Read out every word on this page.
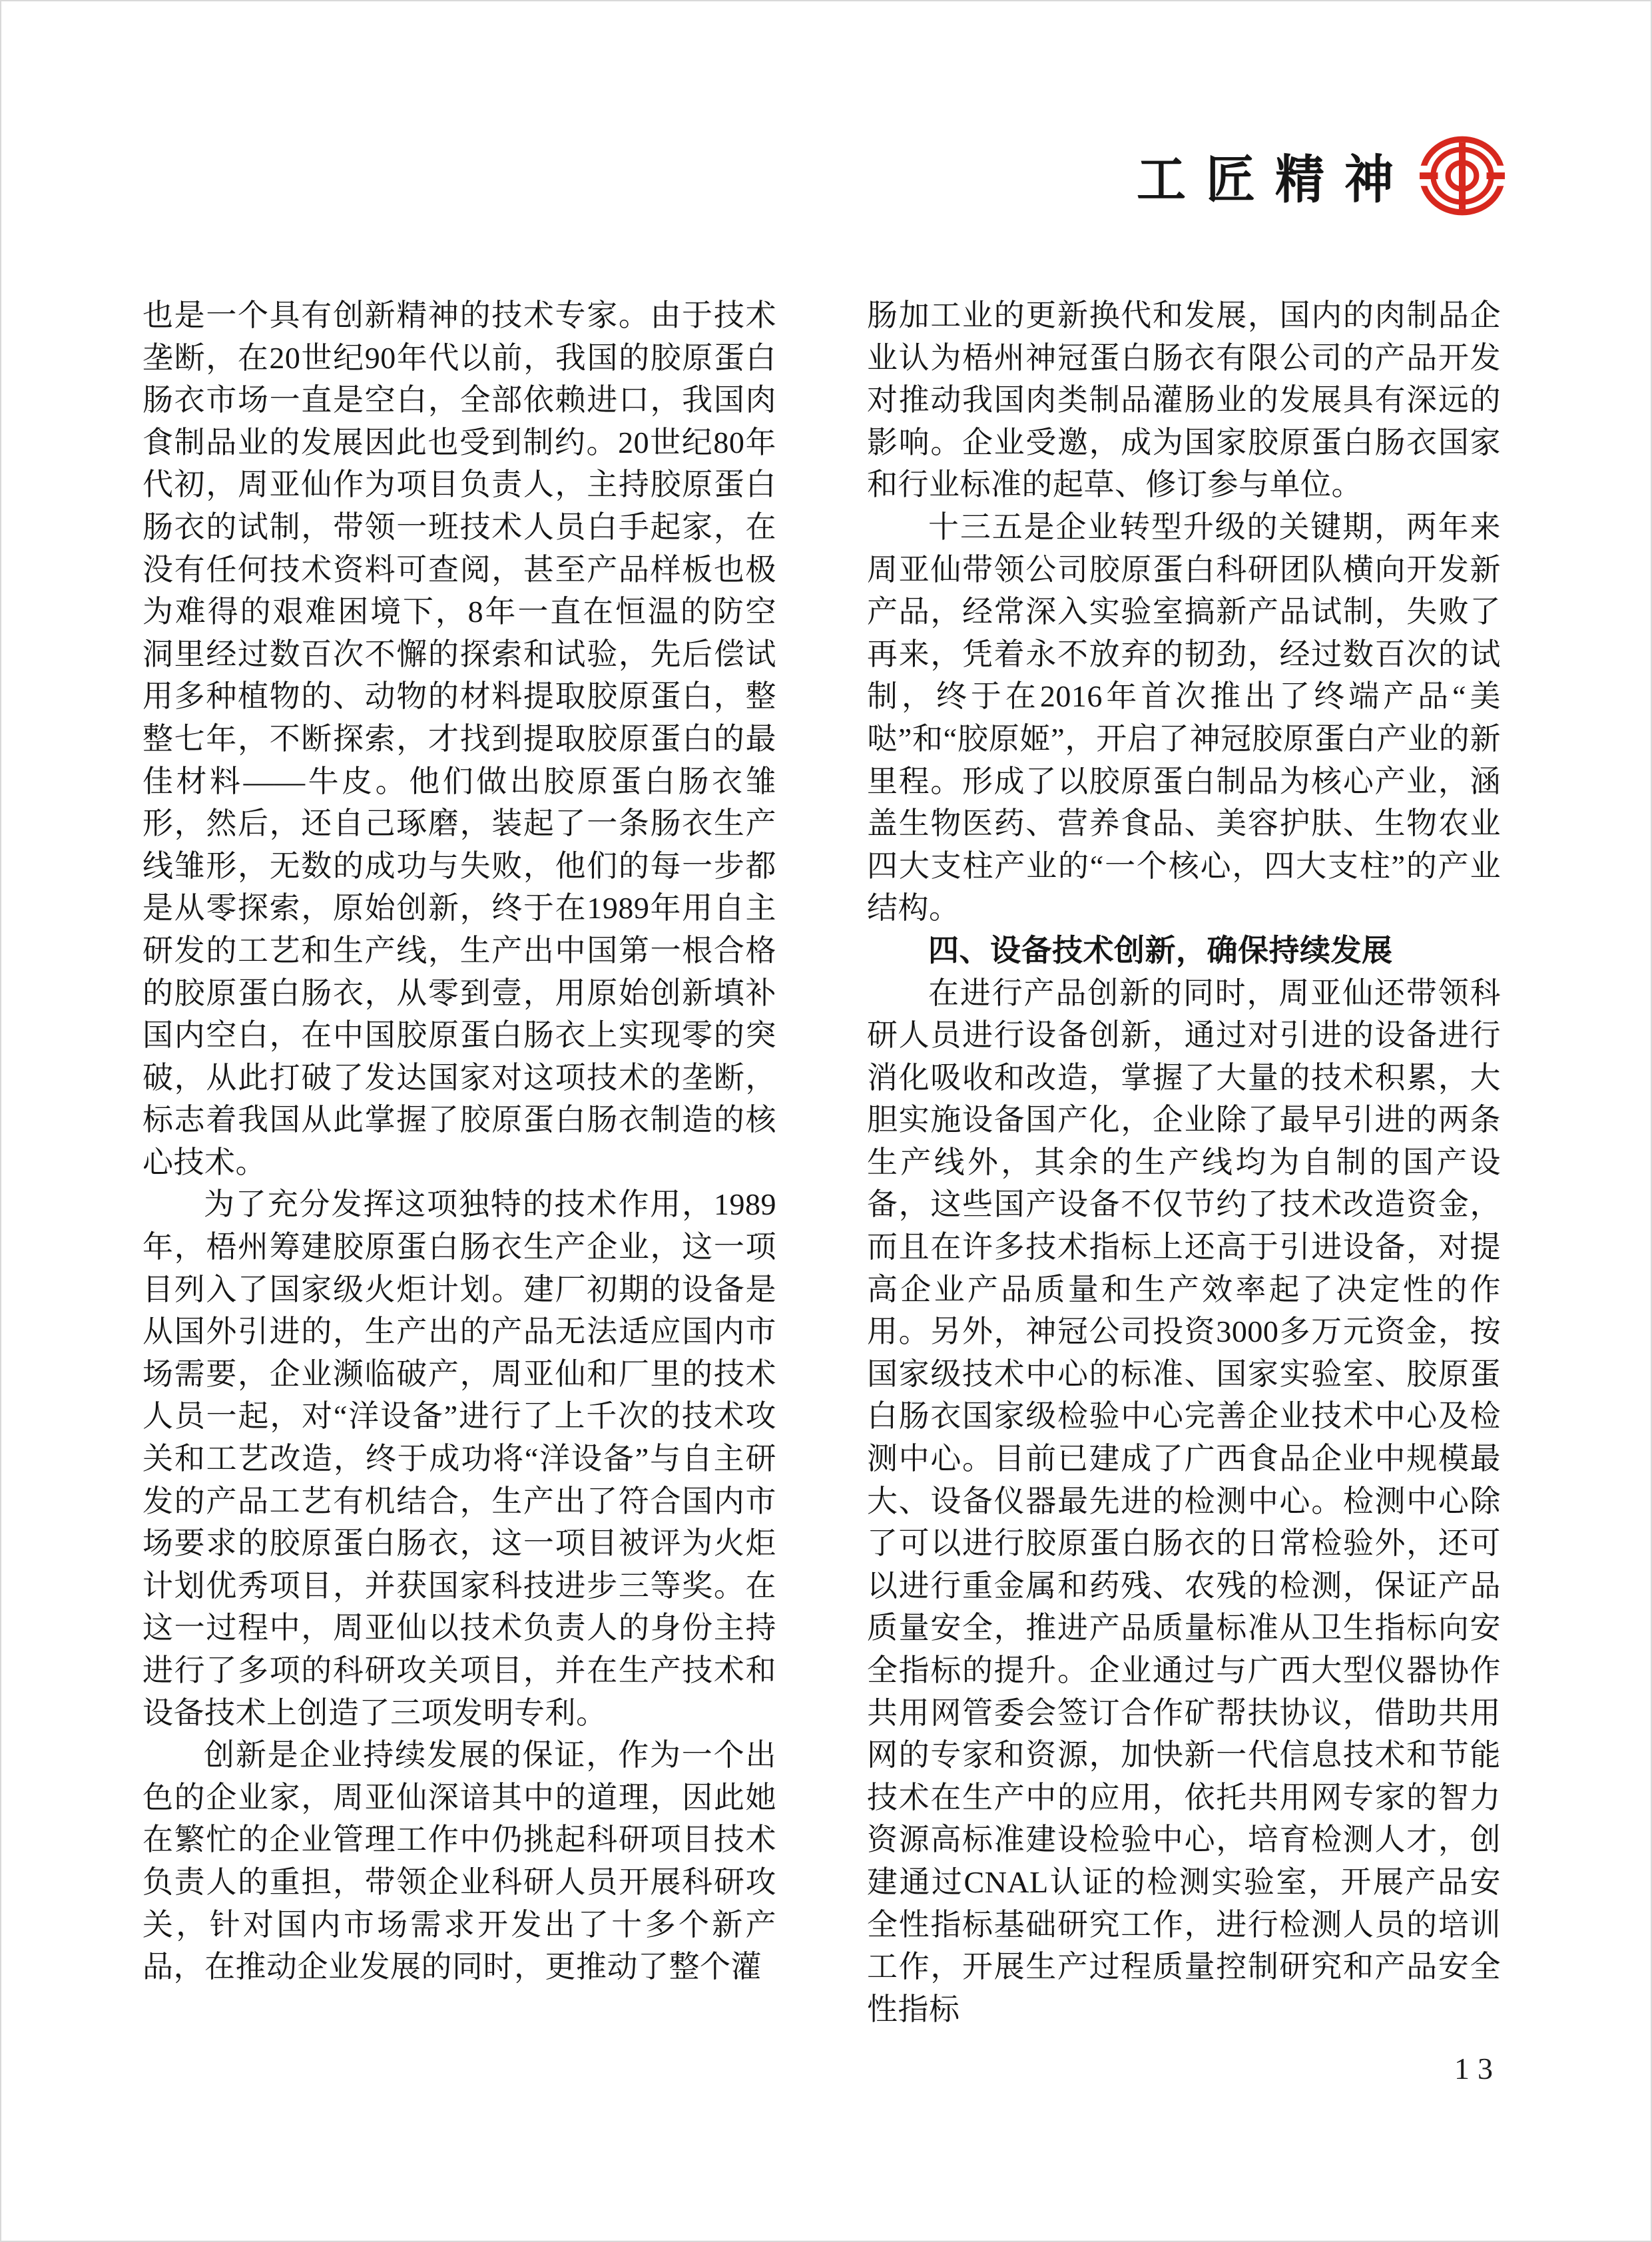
工匠精神

也是一个具有创新精神的技术专家。由于技术垄断，在20世纪90年代以前，我国的胶原蛋白肠衣市场一直是空白，全部依赖进口，我国肉食制品业的发展因此也受到制约。20世纪80年代初，周亚仙作为项目负责人，主持胶原蛋白肠衣的试制，带领一班技术人员白手起家，在没有任何技术资料可查阅，甚至产品样板也极为难得的艰难困境下，8年一直在恒温的防空洞里经过数百次不懈的探索和试验，先后偿试用多种植物的、动物的材料提取胶原蛋白，整整七年，不断探索，才找到提取胶原蛋白的最佳材料——牛皮。他们做出胶原蛋白肠衣雏形，然后，还自己琢磨，装起了一条肠衣生产线雏形，无数的成功与失败，他们的每一步都是从零探索，原始创新，终于在1989年用自主研发的工艺和生产线，生产出中国第一根合格的胶原蛋白肠衣，从零到壹，用原始创新填补国内空白，在中国胶原蛋白肠衣上实现零的突破，从此打破了发达国家对这项技术的垄断，标志着我国从此掌握了胶原蛋白肠衣制造的核心技术。

为了充分发挥这项独特的技术作用，1989年，梧州筹建胶原蛋白肠衣生产企业，这一项目列入了国家级火炬计划。建厂初期的设备是从国外引进的，生产出的产品无法适应国内市场需要，企业濒临破产，周亚仙和厂里的技术人员一起，对“洋设备”进行了上千次的技术攻关和工艺改造，终于成功将“洋设备”与自主研发的产品工艺有机结合，生产出了符合国内市场要求的胶原蛋白肠衣，这一项目被评为火炬计划优秀项目，并获国家科技进步三等奖。在这一过程中，周亚仙以技术负责人的身份主持进行了多项的科研攻关项目，并在生产技术和设备技术上创造了三项发明专利。

创新是企业持续发展的保证，作为一个出色的企业家，周亚仙深谙其中的道理，因此她在繁忙的企业管理工作中仍挑起科研项目技术负责人的重担，带领企业科研人员开展科研攻关，针对国内市场需求开发出了十多个新产品，在推动企业发展的同时，更推动了整个灌

肠加工业的更新换代和发展，国内的肉制品企业认为梧州神冠蛋白肠衣有限公司的产品开发对推动我国肉类制品灌肠业的发展具有深远的影响。企业受邀，成为国家胶原蛋白肠衣国家和行业标准的起草、修订参与单位。

十三五是企业转型升级的关键期，两年来周亚仙带领公司胶原蛋白科研团队横向开发新产品，经常深入实验室搞新产品试制，失败了再来，凭着永不放弃的韧劲，经过数百次的试制，终于在2016年首次推出了终端产品“美哒”和“胶原姬”，开启了神冠胶原蛋白产业的新里程。形成了以胶原蛋白制品为核心产业，涵盖生物医药、营养食品、美容护肤、生物农业四大支柱产业的“一个核心，四大支柱”的产业结构。

四、设备技术创新，确保持续发展

在进行产品创新的同时，周亚仙还带领科研人员进行设备创新，通过对引进的设备进行消化吸收和改造，掌握了大量的技术积累，大胆实施设备国产化，企业除了最早引进的两条生产线外，其余的生产线均为自制的国产设备，这些国产设备不仅节约了技术改造资金，而且在许多技术指标上还高于引进设备，对提高企业产品质量和生产效率起了决定性的作用。另外，神冠公司投资3000多万元资金，按国家级技术中心的标准、国家实验室、胶原蛋白肠衣国家级检验中心完善企业技术中心及检测中心。目前已建成了广西食品企业中规模最大、设备仪器最先进的检测中心。检测中心除了可以进行胶原蛋白肠衣的日常检验外，还可以进行重金属和药残、农残的检测，保证产品质量安全，推进产品质量标准从卫生指标向安全指标的提升。企业通过与广西大型仪器协作共用网管委会签订合作矿帮扶协议，借助共用网的专家和资源，加快新一代信息技术和节能技术在生产中的应用，依托共用网专家的智力资源高标准建设检验中心，培育检测人才，创建通过CNAL认证的检测实验室，开展产品安全性指标基础研究工作，进行检测人员的培训工作，开展生产过程质量控制研究和产品安全性指标

13
